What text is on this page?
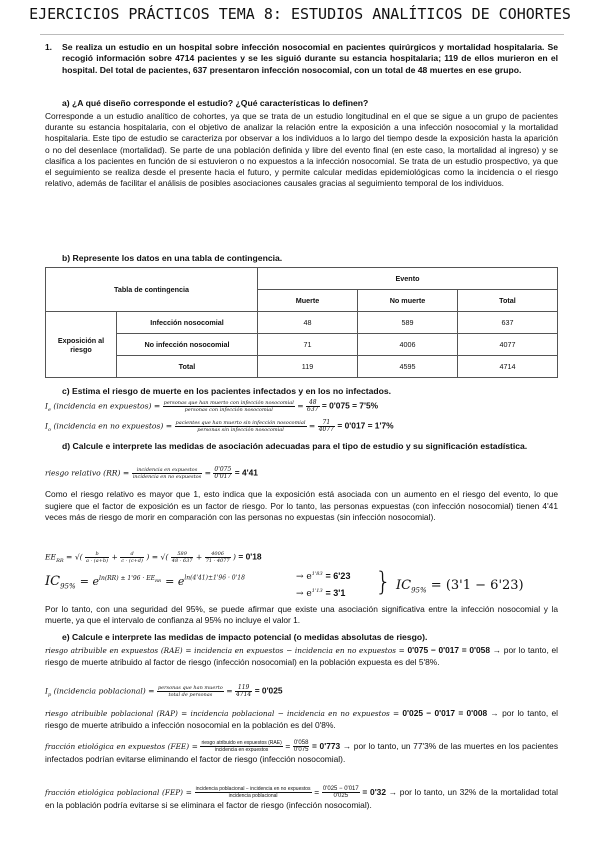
EJERCICIOS PRÁCTICOS TEMA 8: ESTUDIOS ANALÍTICOS DE COHORTES
1.	Se realiza un estudio en un hospital sobre infección nosocomial en pacientes quirúrgicos y mortalidad hospitalaria. Se recogió información sobre 4714 pacientes y se les siguió durante su estancia hospitalaria; 119 de ellos murieron en el hospital. Del total de pacientes, 637 presentaron infección nosocomial, con un total de 48 muertes en ese grupo.
a) ¿A qué diseño corresponde el estudio? ¿Qué características lo definen?
Corresponde a un estudio analítico de cohortes, ya que se trata de un estudio longitudinal en el que se sigue a un grupo de pacientes durante su estancia hospitalaria, con el objetivo de analizar la relación entre la exposición a una infección nosocomial y la mortalidad hospitalaria. Este tipo de estudio se caracteriza por observar a los individuos a lo largo del tiempo desde la exposición hasta la aparición o no del desenlace (mortalidad). Se parte de una población definida y libre del evento final (en este caso, la mortalidad al ingreso) y se clasifica a los pacientes en función de si estuvieron o no expuestos a la infección nosocomial. Se trata de un estudio prospectivo, ya que el seguimiento se realiza desde el presente hacia el futuro, y permite calcular medidas epidemiológicas como la incidencia o el riesgo relativo, además de facilitar el análisis de posibles asociaciones causales gracias al seguimiento temporal de los individuos.
b) Represente los datos en una tabla de contingencia.
Tabla de contingencia		Evento		
		Muerte	No muerte	Total
Exposición al riesgo	Infección nosocomial	48	589	637
	No infección nosocomial	71	4006	4077
	Total	119	4595	4714
c) Estima el riesgo de muerte en los pacientes infectados y en los no infectados.
$I_e$ (incidencia en expuestos) = $\frac{\text{personas que han muerto con infección nosocomial}}{\text{personas con infección nosocomial}} = \frac{48}{637} = 0'075 = 7'5\%$
$I_o$ (incidencia en no expuestos) = $\frac{\text{pacientes que han muerto sin infección nosocomial}}{\text{personas sin infección nosocomial}} = \frac{71}{4077} = 0'017 = 1'7\%$
d) Calcule e interprete las medidas de asociación adecuadas para el tipo de estudio y su significación estadística.
riesgo relativo $(RR) = \frac{\text{incidencia en expuestos}}{\text{incidencia en no expuestos}} = \frac{0'075}{0'017} = 4'41$
Como el riesgo relativo es mayor que 1, esto indica que la exposición está asociada con un aumento en el riesgo del evento, lo que sugiere que el factor de exposición es un factor de riesgo. Por lo tanto, las personas expuestas (con infección nosocomial) tienen 4'41 veces más de riesgo de morir en comparación con las personas no expuestas (sin infección nosocomial).
$EE_{RR}$ = √( $\frac{b}{a \cdot (a+b)} + \frac{d}{c \cdot (c+d)}$ ) = √( $\frac{589}{48 \cdot 637} + \frac{4006}{71 \cdot 4077}$ ) = 0'18
$IC_{95\%} = e^{ln(RR) \pm 1'96 \cdot EE_{RR}} = e^{ln(4'41)\pm 1'96 \cdot 0'18}$	→ $e^{1'83} = 6'23$
→ $e^{1'13} = 3'1$ } $IC_{95\%} = (3'1 - 6'23)$
Por lo tanto, con una seguridad del 95%, se puede afirmar que existe una asociación significativa entre la infección nosocomial y la muerte, ya que el intervalo de confianza al 95% no incluye el valor 1.
e) Calcule e interprete las medidas de impacto potencial (o medidas absolutas de riesgo).
riesgo atribuible en expuestos (RAE) = incidencia en expuestos − incidencia en no expuestos = 0'075 − 0'017 = 0'058 → por lo tanto, el riesgo de muerte atribuido al factor de riesgo (infección nosocomial) en la población expuesta es del 5'8%.
$I_p$ (incidencia poblacional) = $\frac{\text{personas que han muerto}}{\text{total de personas}} = \frac{119}{4714} = 0'025$
riesgo atribuible poblacional (RAP) = incidencia poblacional − incidencia en no expuestos = 0'025 − 0'017 = 0'008 → por lo tanto, el riesgo de muerte atribuido a infección nosocomial en la población es del 0'8%.
fracción etiológica en expuestos $(FEE) = \frac{\text{riesgo atribuido en expuestos (RAE)}}{\text{incidencia en expuestos}} = \frac{0'058}{0'075} = 0'773$ → por lo tanto, un 77'3% de las muertes en los pacientes infectados podrían evitarse eliminando el factor de riesgo (infección nosocomial).
fracción etiológica poblacional $(FEP) = \frac{\text{incidencia poblacional − incidencia en no expuestos}}{\text{incidencia poblacional}} = \frac{0'025 - 0'017}{0'025} = 0'32$ → por lo tanto, un 32% de la mortalidad total en la población podría evitarse si se eliminara el factor de riesgo (infección nosocomial).
